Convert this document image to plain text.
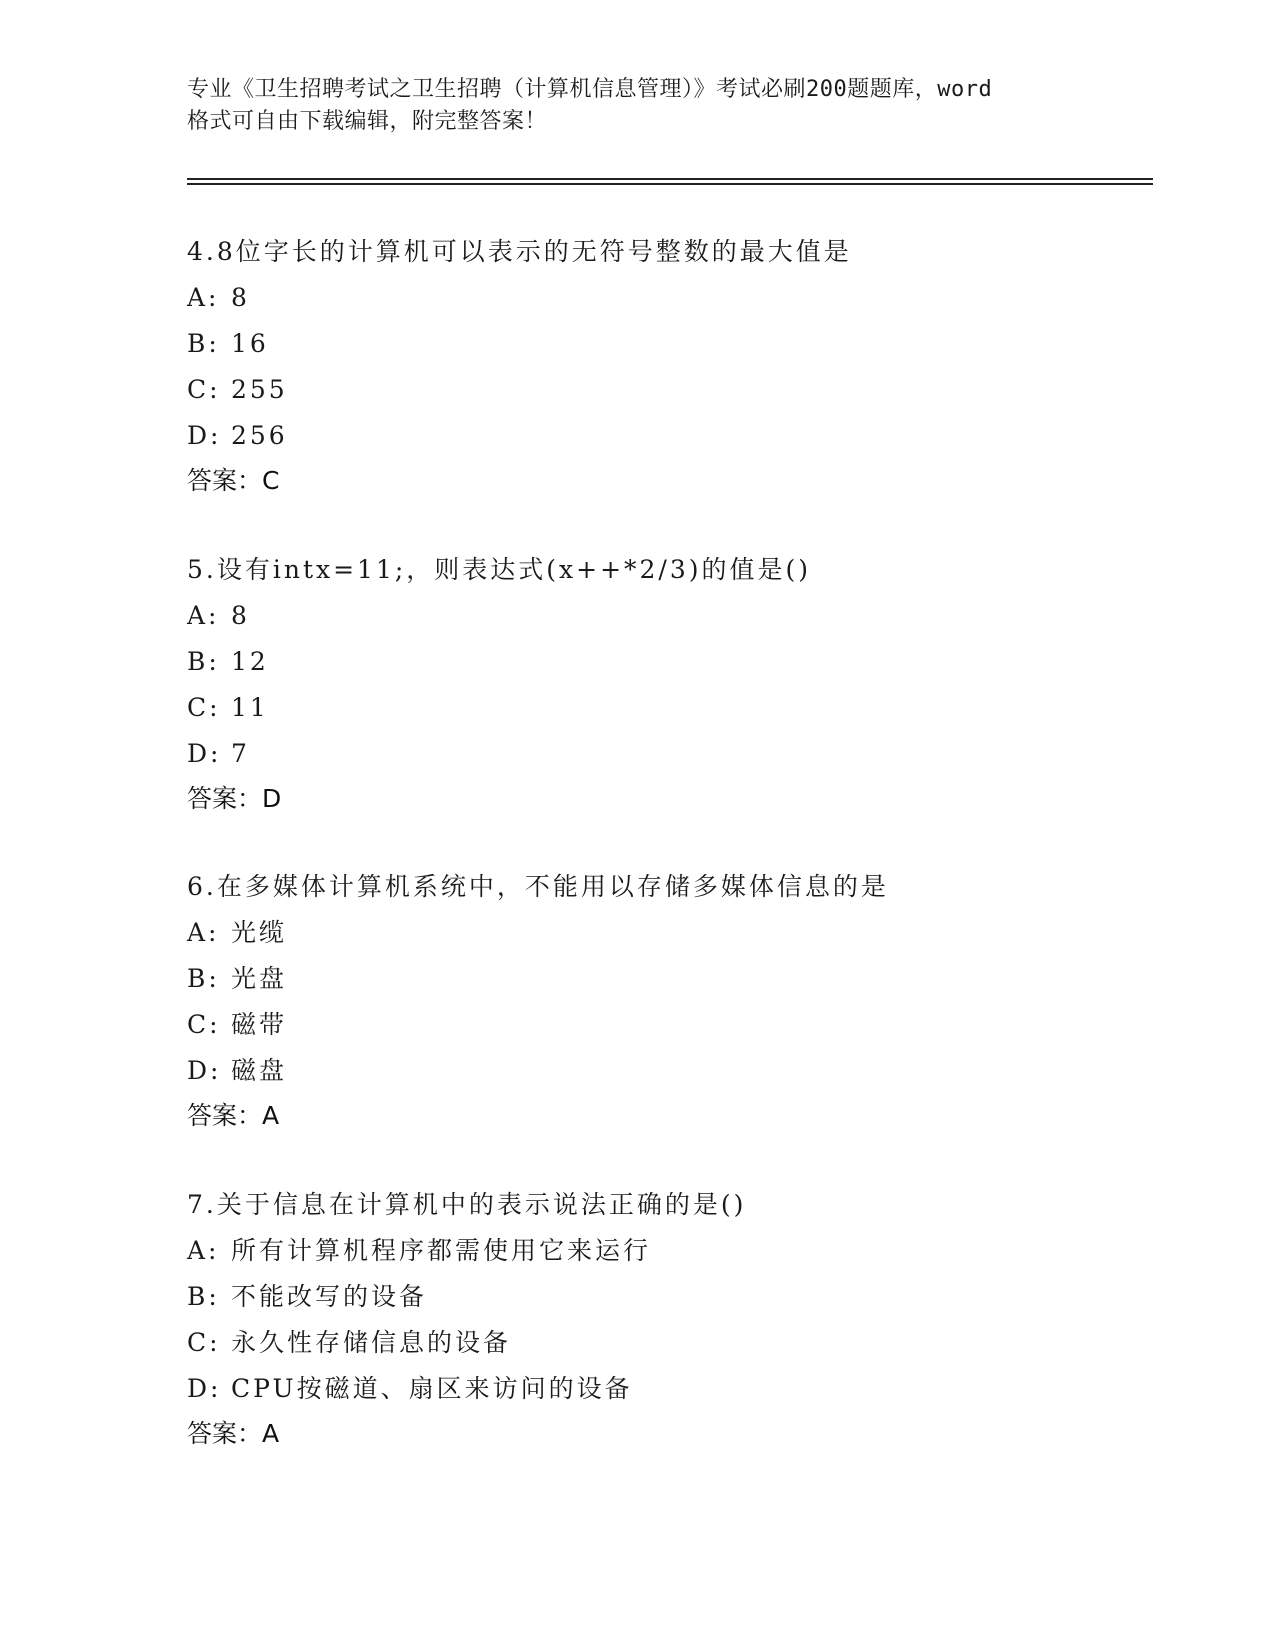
专业《卫生招聘考试之卫生招聘（计算机信息管理）》考试必刷200题题库，word
格式可自由下载编辑，附完整答案！
4.8位字长的计算机可以表示的无符号整数的最大值是
A: 8
B: 16
C: 255
D: 256
答案：C
5.设有intx=11;，则表达式(x++*2/3)的值是()
A: 8
B: 12
C: 11
D: 7
答案：D
6.在多媒体计算机系统中，不能用以存储多媒体信息的是
A: 光缆
B: 光盘
C: 磁带
D: 磁盘
答案：A
7.关于信息在计算机中的表示说法正确的是()
A: 所有计算机程序都需使用它来运行
B: 不能改写的设备
C: 永久性存储信息的设备
D: CPU按磁道、扇区来访问的设备
答案：A
